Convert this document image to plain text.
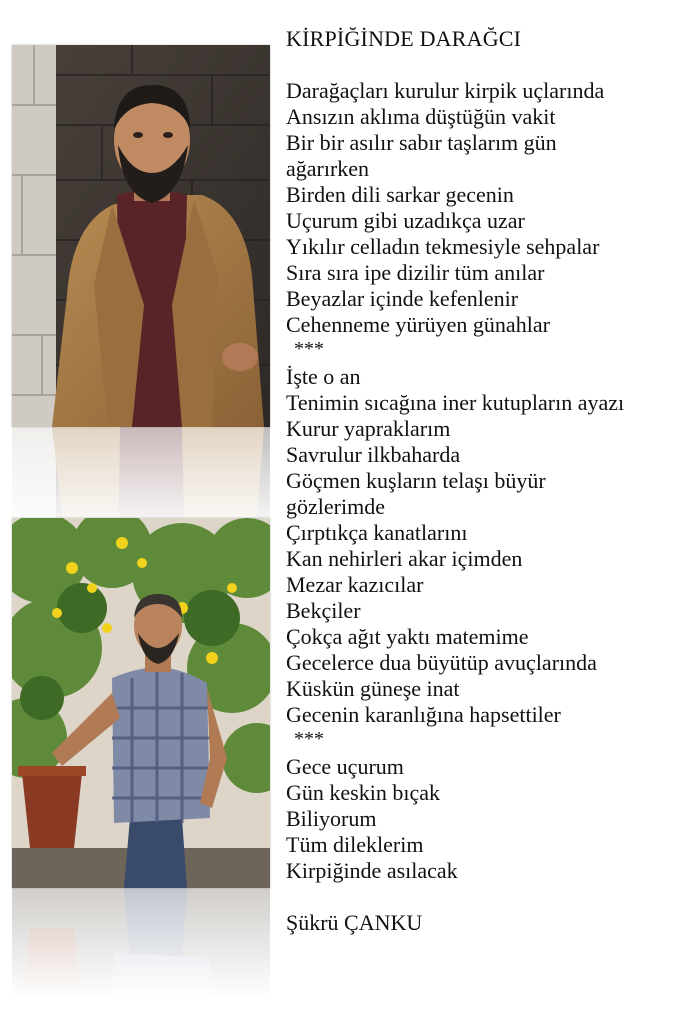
KİRPİĞİNDE DARAĞCI
Darağaçları kurulur kirpik uçlarında
Ansızın aklıma düştüğün vakit
Bir bir asılır sabır taşlarım gün
ağarırken
Birden dili sarkar gecenin
Uçurum gibi uzadıkça uzar
Yıkılır celladın tekmesiyle sehpalar
Sıra sıra ipe dizilir tüm anılar
Beyazlar içinde kefenlenir
Cehenneme yürüyen günahlar
***
İşte o an
Tenimin sıcağına iner kutupların ayazı
Kurur yapraklarım
Savrulur ilkbaharda
Göçmen kuşların telaşı büyür
gözlerimde
Çırptıkça kanatlarını
Kan nehirleri akar içimden
Mezar kazıcılar
Bekçiler
Çokça ağıt yaktı matemime
Gecelerce dua büyütüp avuçlarında
Küskün güneşe inat
Gecenin karanlığına hapsettiler
***
Gece uçurum
Gün keskin bıçak
Biliyorum
Tüm dileklerim
Kirpiğinde asılacak
Şükrü ÇANKU
